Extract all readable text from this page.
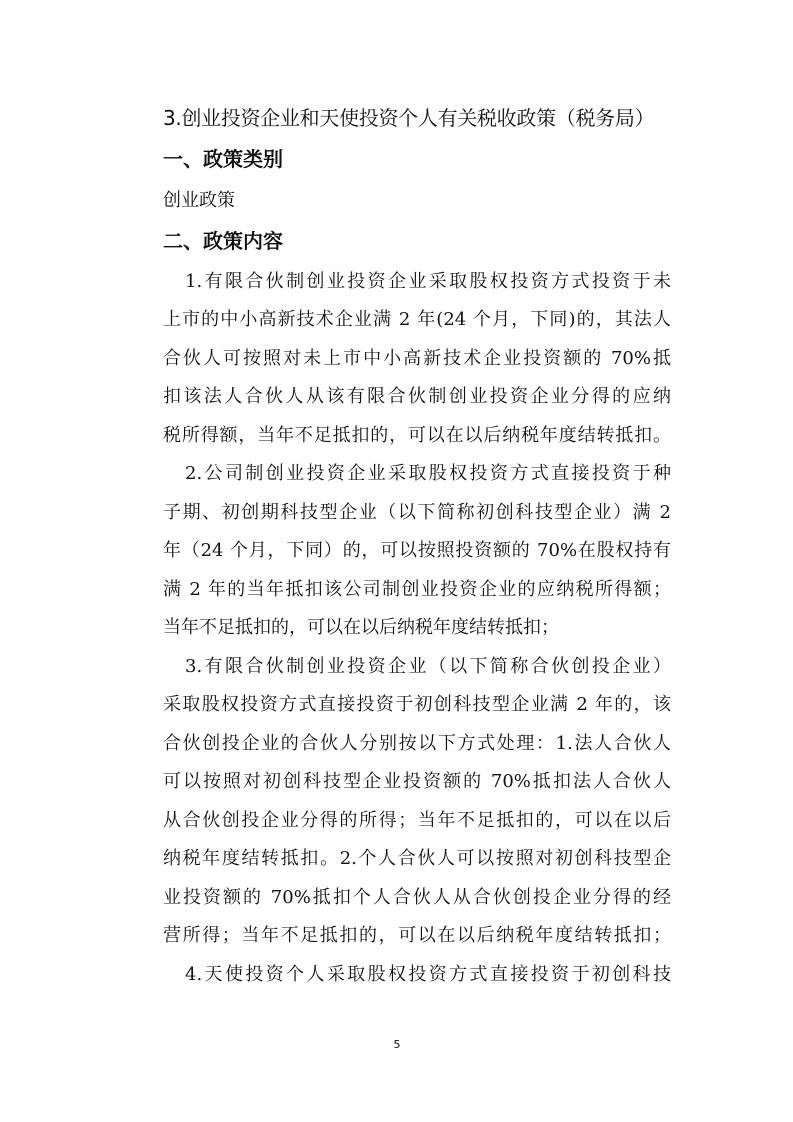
3.创业投资企业和天使投资个人有关税收政策（税务局）
一、政策类别
创业政策
二、政策内容
1.有限合伙制创业投资企业采取股权投资方式投资于未
上市的中小高新技术企业满 2 年(24 个月，下同)的，其法人
合伙人可按照对未上市中小高新技术企业投资额的 70%抵
扣该法人合伙人从该有限合伙制创业投资企业分得的应纳
税所得额，当年不足抵扣的，可以在以后纳税年度结转抵扣。
2.公司制创业投资企业采取股权投资方式直接投资于种
子期、初创期科技型企业（以下简称初创科技型企业）满 2
年（24 个月，下同）的，可以按照投资额的 70%在股权持有
满 2 年的当年抵扣该公司制创业投资企业的应纳税所得额；
当年不足抵扣的，可以在以后纳税年度结转抵扣；
3.有限合伙制创业投资企业（以下简称合伙创投企业）
采取股权投资方式直接投资于初创科技型企业满 2 年的，该
合伙创投企业的合伙人分别按以下方式处理：1.法人合伙人
可以按照对初创科技型企业投资额的 70%抵扣法人合伙人
从合伙创投企业分得的所得；当年不足抵扣的，可以在以后
纳税年度结转抵扣。2.个人合伙人可以按照对初创科技型企
业投资额的 70%抵扣个人合伙人从合伙创投企业分得的经
营所得；当年不足抵扣的，可以在以后纳税年度结转抵扣；
4.天使投资个人采取股权投资方式直接投资于初创科技
5
